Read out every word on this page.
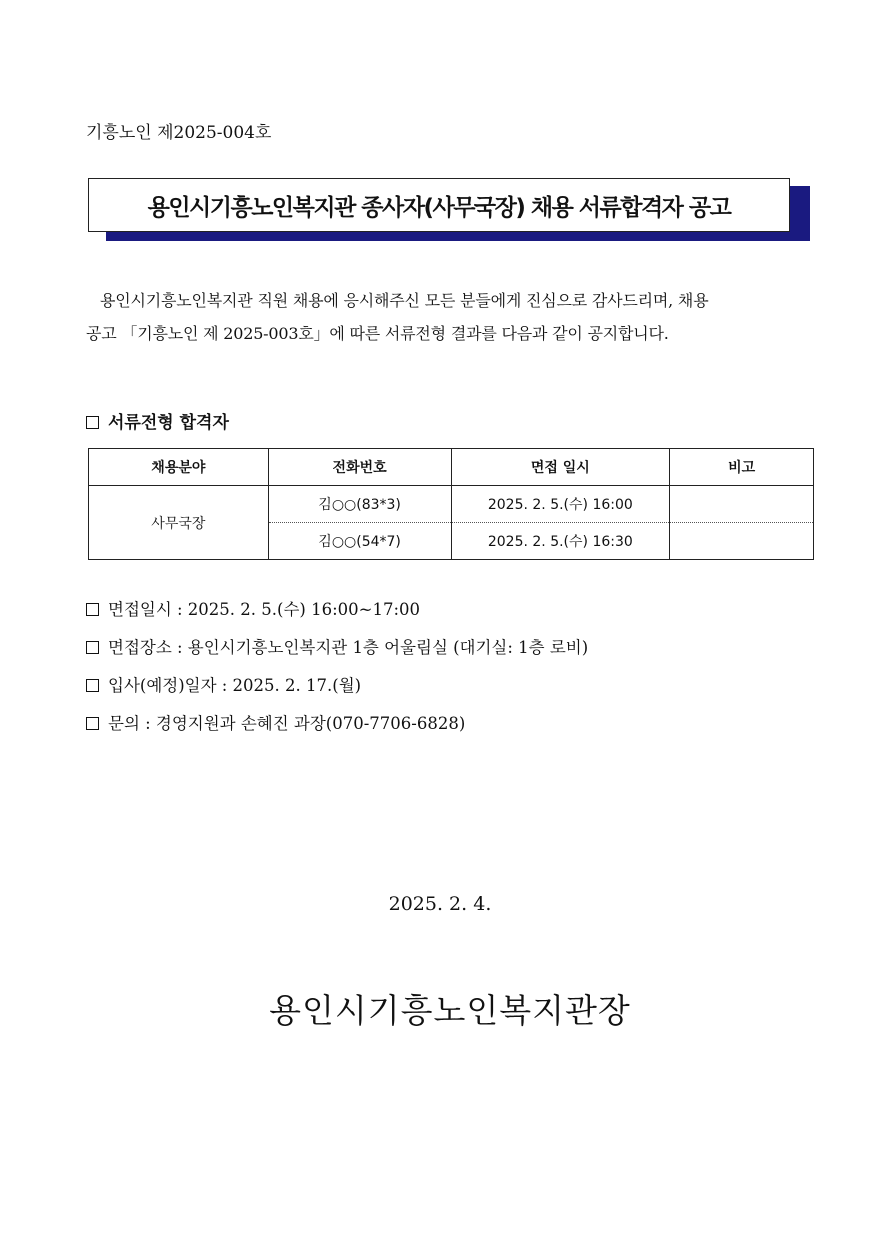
기흥노인 제2025-004호
용인시기흥노인복지관 종사자(사무국장) 채용 서류합격자 공고
용인시기흥노인복지관 직원 채용에 응시해주신 모든 분들에게 진심으로 감사드리며, 채용
공고 「기흥노인 제 2025-003호」에 따른 서류전형 결과를 다음과 같이 공지합니다.
서류전형 합격자
채용분야	전화번호	면접 일시	비고
사무국장	김○○(83*3)	2025. 2. 5.(수) 16:00	
	김○○(54*7)	2025. 2. 5.(수) 16:30	
면접일시 : 2025. 2. 5.(수) 16:00~17:00
면접장소 : 용인시기흥노인복지관 1층 어울림실 (대기실: 1층 로비)
입사(예정)일자 : 2025. 2. 17.(월)
문의 : 경영지원과 손혜진 과장(070-7706-6828)
2025. 2. 4.
용인시기흥노인복지관장
